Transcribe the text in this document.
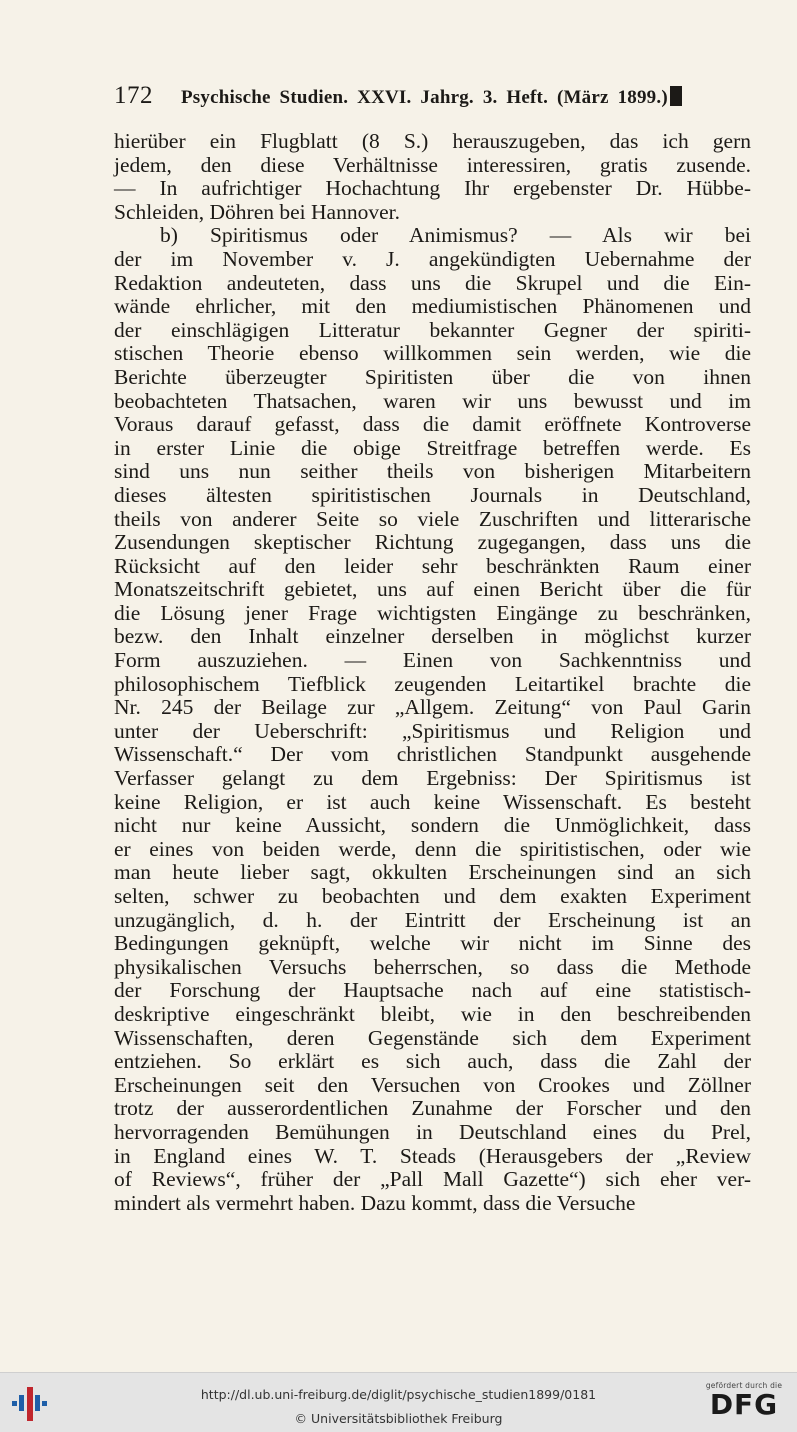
172 Psychische Studien. XXVI. Jahrg. 3. Heft. (März 1899.)
hierüber ein Flugblatt (8 S.) herauszugeben, das ich gern
jedem, den diese Verhältnisse interessiren, gratis zusende.
— In aufrichtiger Hochachtung Ihr ergebenster Dr. Hübbe-
Schleiden, Döhren bei Hannover.
b) Spiritismus oder Animismus? — Als wir bei
der im November v. J. angekündigten Uebernahme der
Redaktion andeuteten, dass uns die Skrupel und die Ein-
wände ehrlicher, mit den mediumistischen Phänomenen und
der einschlägigen Litteratur bekannter Gegner der spiriti-
stischen Theorie ebenso willkommen sein werden, wie die
Berichte überzeugter Spiritisten über die von ihnen
beobachteten Thatsachen, waren wir uns bewusst und im
Voraus darauf gefasst, dass die damit eröffnete Kontroverse
in erster Linie die obige Streitfrage betreffen werde. Es
sind uns nun seither theils von bisherigen Mitarbeitern
dieses ältesten spiritistischen Journals in Deutschland,
theils von anderer Seite so viele Zuschriften und litterarische
Zusendungen skeptischer Richtung zugegangen, dass uns die
Rücksicht auf den leider sehr beschränkten Raum einer
Monatszeitschrift gebietet, uns auf einen Bericht über die für
die Lösung jener Frage wichtigsten Eingänge zu beschränken,
bezw. den Inhalt einzelner derselben in möglichst kurzer
Form auszuziehen. — Einen von Sachkenntniss und
philosophischem Tiefblick zeugenden Leitartikel brachte die
Nr. 245 der Beilage zur „Allgem. Zeitung“ von Paul Garin
unter der Ueberschrift: „Spiritismus und Religion und
Wissenschaft.“ Der vom christlichen Standpunkt ausgehende
Verfasser gelangt zu dem Ergebniss: Der Spiritismus ist
keine Religion, er ist auch keine Wissenschaft. Es besteht
nicht nur keine Aussicht, sondern die Unmöglichkeit, dass
er eines von beiden werde, denn die spiritistischen, oder wie
man heute lieber sagt, okkulten Erscheinungen sind an sich
selten, schwer zu beobachten und dem exakten Experiment
unzugänglich, d. h. der Eintritt der Erscheinung ist an
Bedingungen geknüpft, welche wir nicht im Sinne des
physikalischen Versuchs beherrschen, so dass die Methode
der Forschung der Hauptsache nach auf eine statistisch-
deskriptive eingeschränkt bleibt, wie in den beschreibenden
Wissenschaften, deren Gegenstände sich dem Experiment
entziehen. So erklärt es sich auch, dass die Zahl der
Erscheinungen seit den Versuchen von Crookes und Zöllner
trotz der ausserordentlichen Zunahme der Forscher und den
hervorragenden Bemühungen in Deutschland eines du Prel,
in England eines W. T. Steads (Herausgebers der „Review
of Reviews“, früher der „Pall Mall Gazette“) sich eher ver-
mindert als vermehrt haben. Dazu kommt, dass die Versuche
http://dl.ub.uni-freiburg.de/diglit/psychische_studien1899/0181
© Universitätsbibliothek Freiburg
gefördert durch die
DFG
